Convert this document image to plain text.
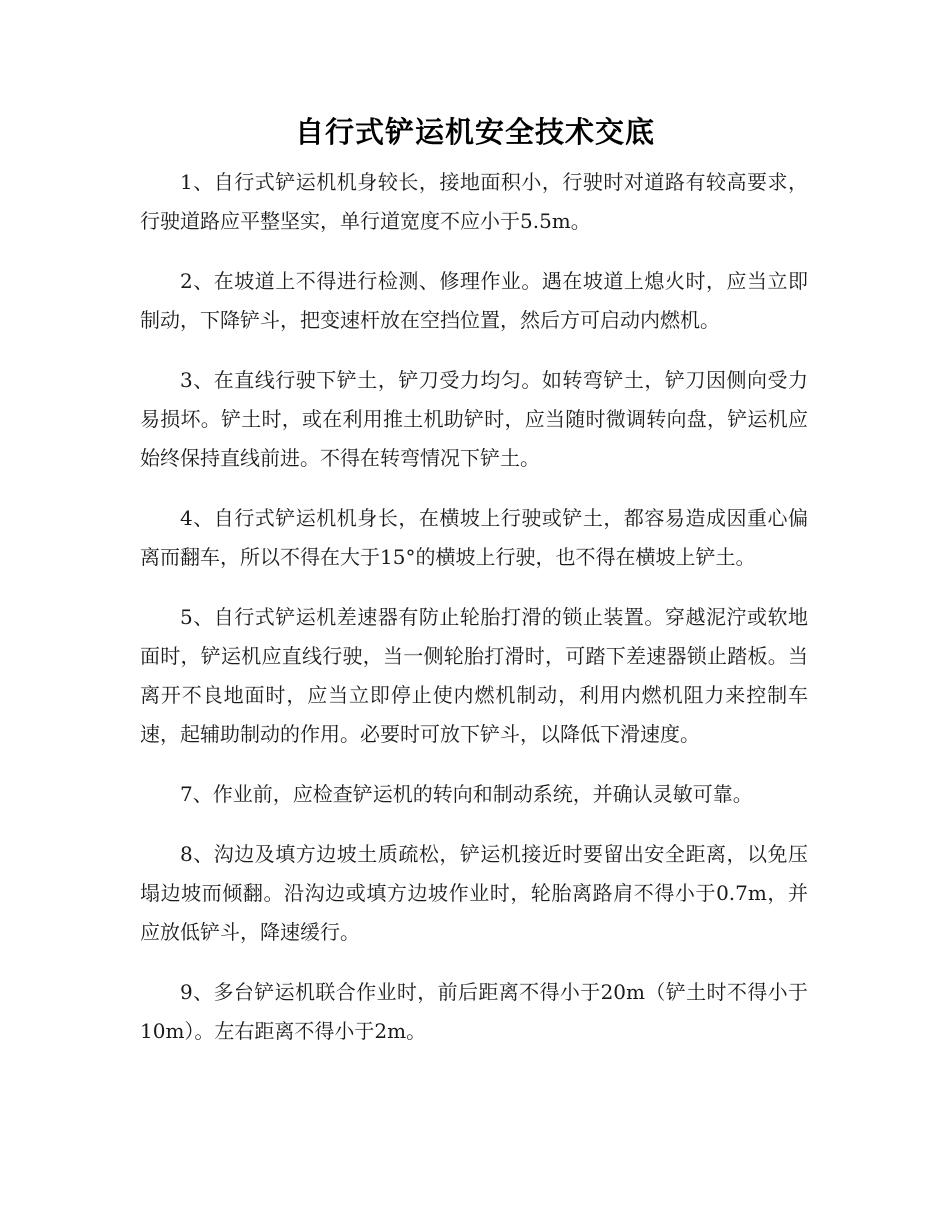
自行式铲运机安全技术交底

1、自行式铲运机机身较长，接地面积小，行驶时对道路有较高要求，行驶道路应平整坚实，单行道宽度不应小于5.5m。

2、在坡道上不得进行检测、修理作业。遇在坡道上熄火时，应当立即制动，下降铲斗，把变速杆放在空挡位置，然后方可启动内燃机。

3、在直线行驶下铲土，铲刀受力均匀。如转弯铲土，铲刀因侧向受力易损坏。铲土时，或在利用推土机助铲时，应当随时微调转向盘，铲运机应始终保持直线前进。不得在转弯情况下铲土。

4、自行式铲运机机身长，在横坡上行驶或铲土，都容易造成因重心偏离而翻车，所以不得在大于15°的横坡上行驶，也不得在横坡上铲土。

5、自行式铲运机差速器有防止轮胎打滑的锁止装置。穿越泥泞或软地面时，铲运机应直线行驶，当一侧轮胎打滑时，可踏下差速器锁止踏板。当离开不良地面时，应当立即停止使内燃机制动，利用内燃机阻力来控制车速，起辅助制动的作用。必要时可放下铲斗，以降低下滑速度。

7、作业前，应检查铲运机的转向和制动系统，并确认灵敏可靠。

8、沟边及填方边坡土质疏松，铲运机接近时要留出安全距离，以免压塌边坡而倾翻。沿沟边或填方边坡作业时，轮胎离路肩不得小于0.7m，并应放低铲斗，降速缓行。

9、多台铲运机联合作业时，前后距离不得小于20m（铲土时不得小于10m）。左右距离不得小于2m。
